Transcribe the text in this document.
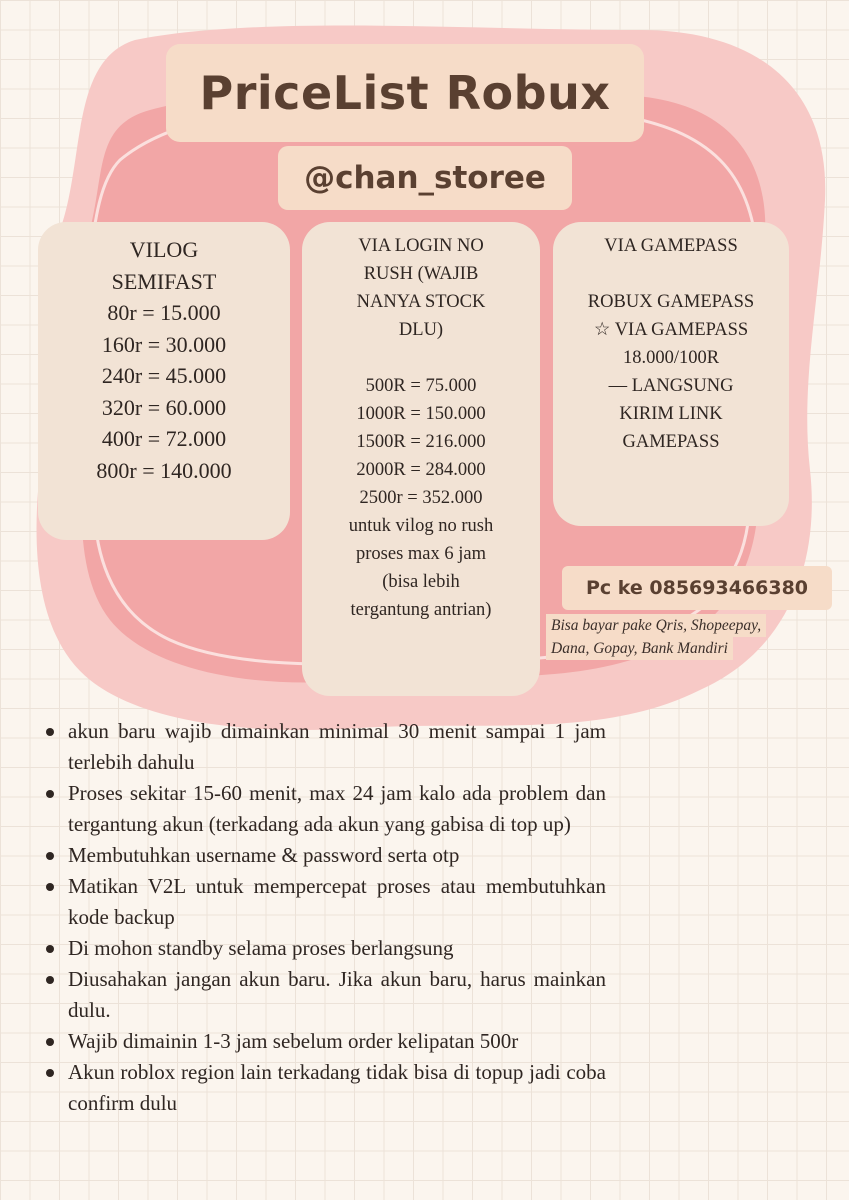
PriceList Robux
@chan_storee
VILOG
SEMIFAST
80r = 15.000
160r = 30.000
240r = 45.000
320r = 60.000
400r = 72.000
800r = 140.000
VIA LOGIN NO
RUSH (WAJIB
NANYA STOCK
DLU)
500R = 75.000
1000R = 150.000
1500R = 216.000
2000R = 284.000
2500r = 352.000
untuk vilog no rush
proses max 6 jam
(bisa lebih
tergantung antrian)
VIA GAMEPASS
ROBUX GAMEPASS
☆ VIA GAMEPASS
18.000/100R
— LANGSUNG
KIRIM LINK
GAMEPASS
Pc ke 085693466380
Bisa bayar pake Qris, Shopeepay,
Dana, Gopay, Bank Mandiri
akun baru wajib dimainkan minimal 30 menit sampai 1 jam terlebih dahulu
Proses sekitar 15-60 menit, max 24 jam kalo ada problem dan tergantung akun (terkadang ada akun yang gabisa di top up)
Membutuhkan username & password serta otp
Matikan V2L untuk mempercepat proses atau membutuhkan kode backup
Di mohon standby selama proses berlangsung
Diusahakan jangan akun baru. Jika akun baru, harus mainkan dulu.
Wajib dimainin 1-3 jam sebelum order kelipatan 500r
Akun roblox region lain terkadang tidak bisa di topup jadi coba confirm dulu
